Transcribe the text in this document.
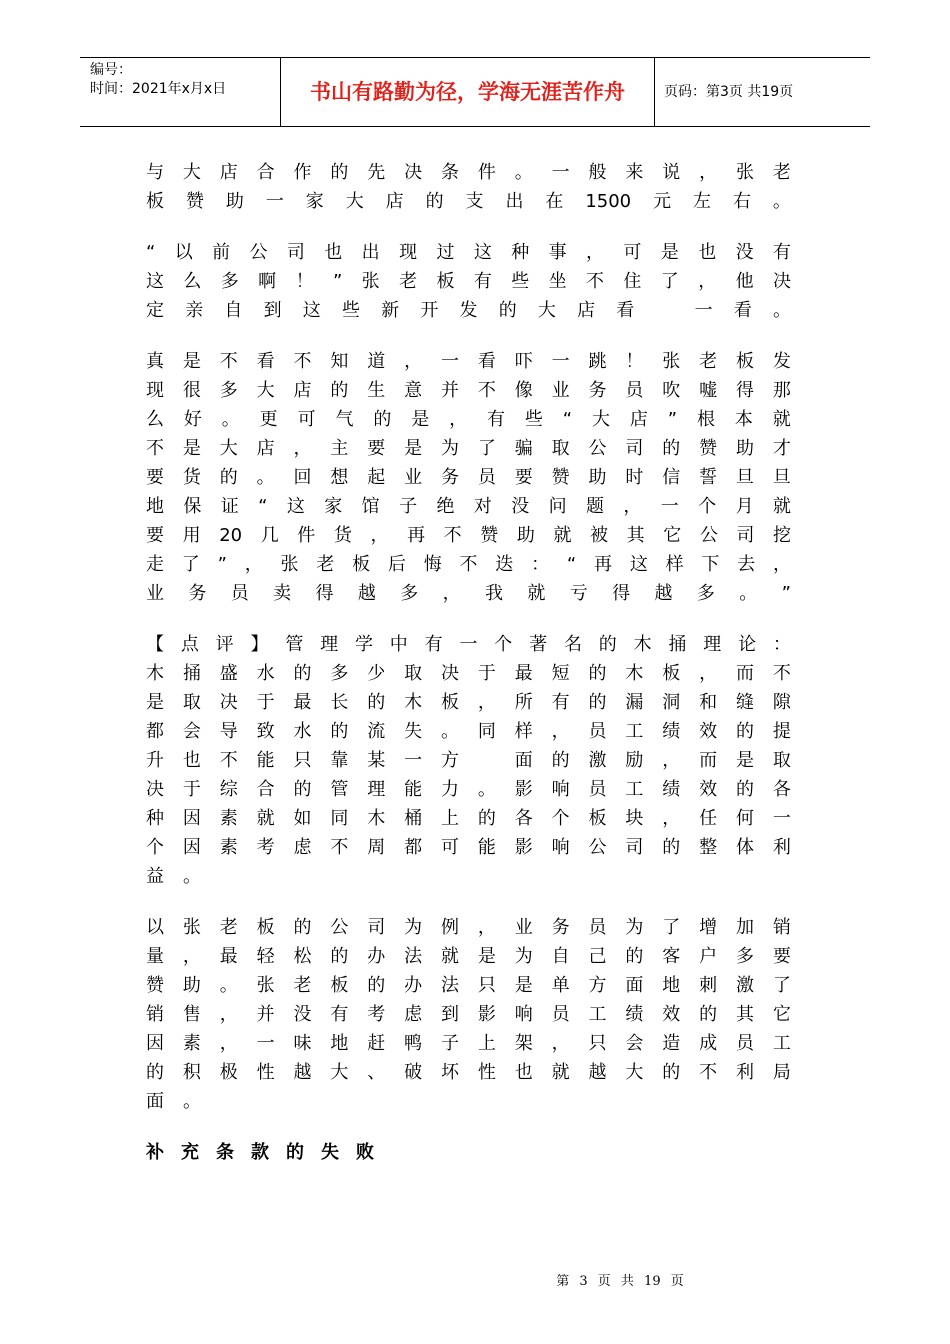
编号：
时间：2021年x月x日	书山有路勤为径，学海无涯苦作舟	页码：第3页 共19页
与 大 店 合 作 的 先 决 条 件 。 一 般 来 说 ， 张 老
板 赞 助 一 家 大 店 的 支 出 在 1500 元 左 右 。
“ 以 前 公 司 也 出 现 过 这 种 事 ， 可 是 也 没 有
这 么 多 啊 ！ ” 张 老 板 有 些 坐 不 住 了 ， 他 决
定 亲 自 到 这 些 新 开 发 的 大 店 看
　	一 看 。
真 是 不 看 不 知 道 ， 一 看 吓 一 跳 ！ 张 老 板 发
现 很 多 大 店 的 生 意 并 不 像 业 务 员 吹 嘘 得 那
么 好 。 更 可 气 的 是 ， 有 些 “ 大 店 ” 根 本 就
不 是 大 店 ， 主 要 是 为 了 骗 取 公 司 的 赞 助 才
要 货 的 。 回 想 起 业 务 员 要 赞 助 时 信 誓 旦 旦
地 保 证 “ 这 家 馆 子 绝 对 没 问 题 ， 一 个 月 就
要 用 20 几 件 货 ， 再 不 赞 助 就 被 其 它 公 司 挖
走 了 ” ， 张 老 板 后 悔 不 迭 ： “ 再 这 样 下 去 ，
业 务 员 卖 得 越 多 ， 我 就 亏 得 越 多 。 ”
【 点 评 】 管 理 学 中 有 一 个 著 名 的 木 捅 理 论 ：
木 捅 盛 水 的 多 少 取 决 于 最 短 的 木 板 ， 而 不
是 取 决 于 最 长 的 木 板 ， 所 有 的 漏 洞 和 缝 隙
都 会 导 致 水 的 流 失 。 同 样 ， 员 工 绩 效 的 提
升 也 不 能 只 靠 某 一 方
　	面 的 激 励 ， 而 是 取
决 于 综 合 的 管 理 能 力 。 影 响 员 工 绩 效 的 各
种 因 素 就 如 同 木 桶 上 的 各 个 板 块 ， 任 何 一
个 因 素 考 虑 不 周 都 可 能 影 响 公 司 的 整 体 利
益。
以 张 老 板 的 公 司 为 例 ， 业 务 员 为 了 增 加 销
量 ， 最 轻 松 的 办 法 就 是 为 自 己 的 客 户 多 要
赞 助 。 张 老 板 的 办 法 只 是 单 方 面 地 刺 激 了
销 售 ， 并 没 有 考 虑 到 影 响 员 工 绩 效 的 其 它
因 素 ， 一 味 地 赶 鸭 子 上 架 ， 只 会 造 成 员 工
的 积 极 性 越 大 、 破 坏 性 也 就 越 大 的 不 利 局
面。
补充条款的失败
第 3 页 共 19 页
